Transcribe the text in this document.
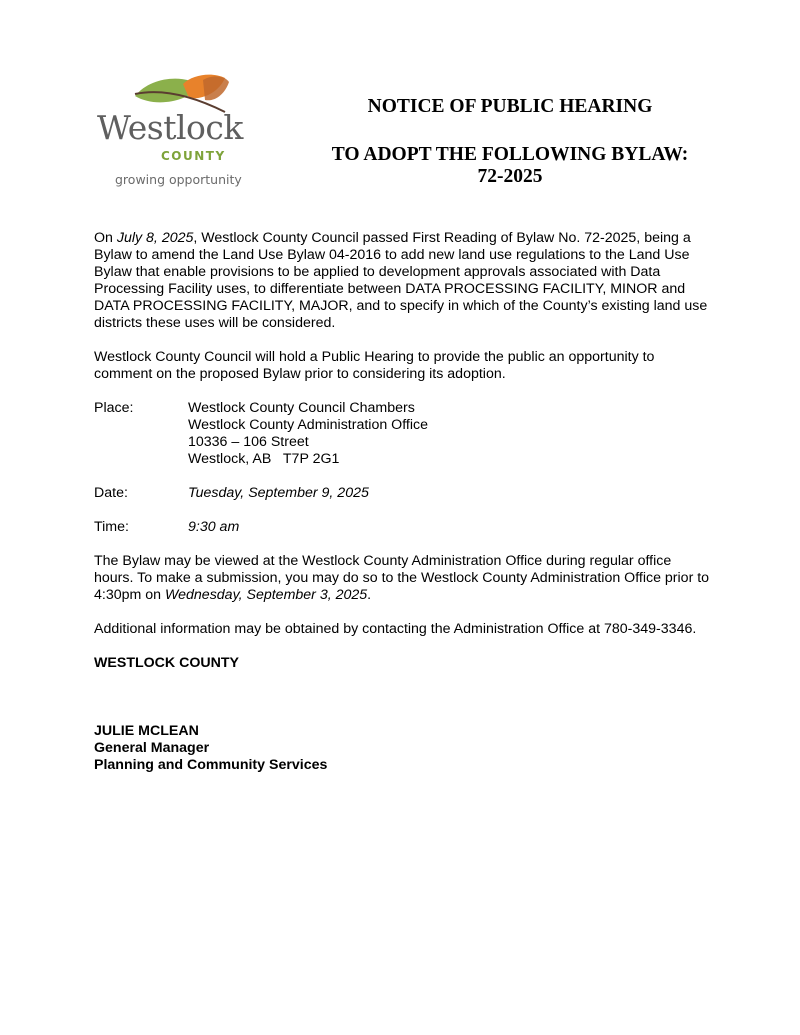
Westlock
COUNTY
growing opportunity
NOTICE OF PUBLIC HEARING
TO ADOPT THE FOLLOWING BYLAW:
72-2025

On July 8, 2025, Westlock County Council passed First Reading of Bylaw No. 72-2025, being a Bylaw to amend the Land Use Bylaw 04-2016 to add new land use regulations to the Land Use Bylaw that enable provisions to be applied to development approvals associated with Data Processing Facility uses, to differentiate between DATA PROCESSING FACILITY, MINOR and DATA PROCESSING FACILITY, MAJOR, and to specify in which of the County’s existing land use districts these uses will be considered.

Westlock County Council will hold a Public Hearing to provide the public an opportunity to comment on the proposed Bylaw prior to considering its adoption.

Place:	Westlock County Council Chambers
Westlock County Administration Office
10336 – 106 Street
Westlock, AB   T7P 2G1
Date:	Tuesday, September 9, 2025
Time:	9:30 am

The Bylaw may be viewed at the Westlock County Administration Office during regular office hours. To make a submission, you may do so to the Westlock County Administration Office prior to 4:30pm on Wednesday, September 3, 2025.

Additional information may be obtained by contacting the Administration Office at 780-349-3346.

WESTLOCK COUNTY
JULIE MCLEAN
General Manager
Planning and Community Services
